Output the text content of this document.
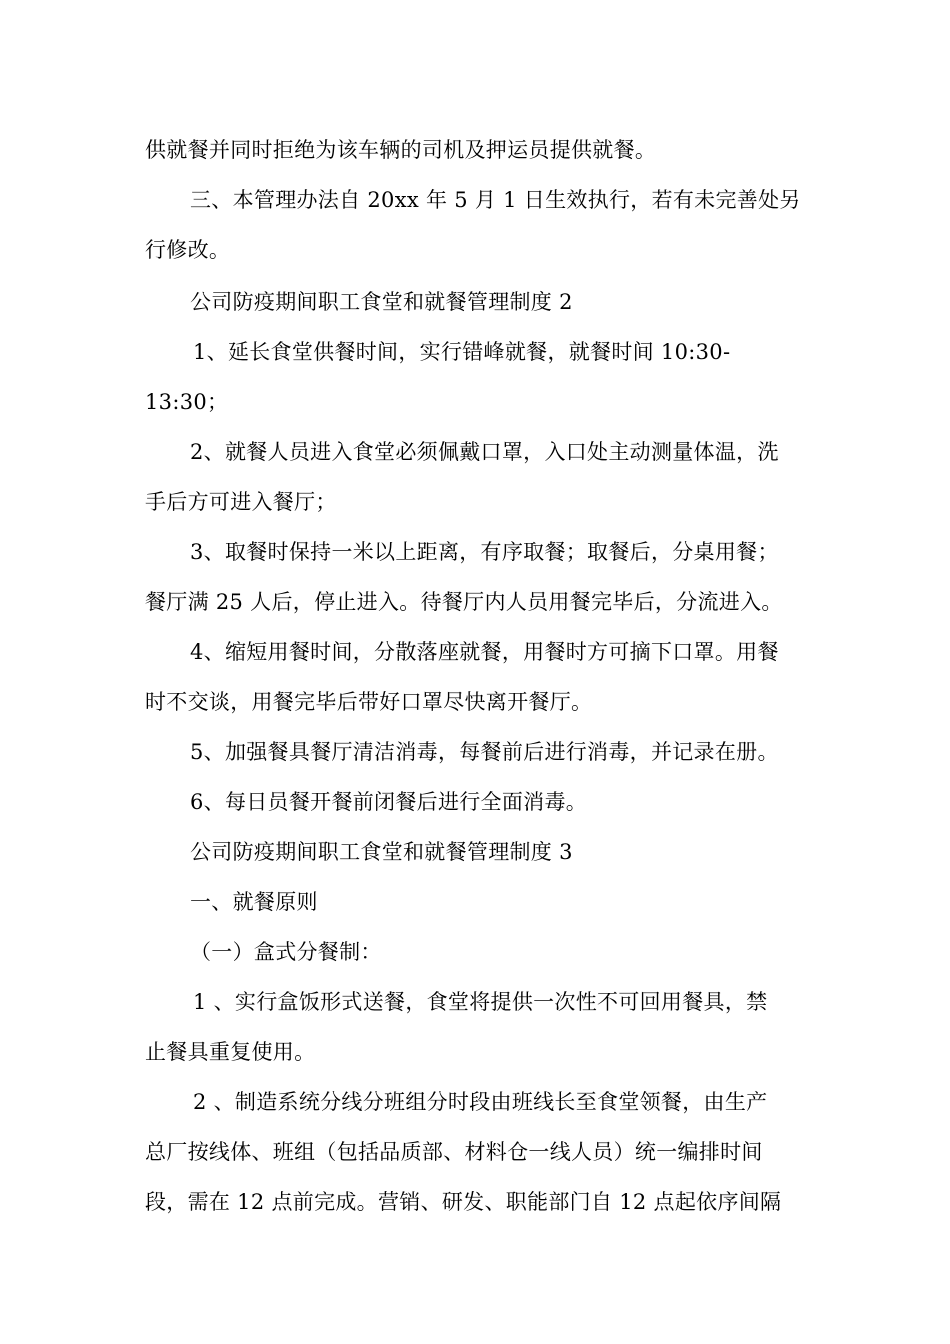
供就餐并同时拒绝为该车辆的司机及押运员提供就餐。
三、本管理办法自 20xx 年 5 月 1 日生效执行，若有未完善处另
行修改。
公司防疫期间职工食堂和就餐管理制度 2
1、延长食堂供餐时间，实行错峰就餐，就餐时间 10:30-
13:30；
2、就餐人员进入食堂必须佩戴口罩，入口处主动测量体温，洗
手后方可进入餐厅；
3、取餐时保持一米以上距离，有序取餐；取餐后，分桌用餐；
餐厅满 25 人后，停止进入。待餐厅内人员用餐完毕后，分流进入。
4、缩短用餐时间，分散落座就餐，用餐时方可摘下口罩。用餐
时不交谈，用餐完毕后带好口罩尽快离开餐厅。
5、加强餐具餐厅清洁消毒，每餐前后进行消毒，并记录在册。
6、每日员餐开餐前闭餐后进行全面消毒。
公司防疫期间职工食堂和就餐管理制度 3
一、就餐原则
（一）盒式分餐制：
1 、实行盒饭形式送餐，食堂将提供一次性不可回用餐具，禁
止餐具重复使用。
2 、制造系统分线分班组分时段由班线长至食堂领餐，由生产
总厂按线体、班组（包括品质部、材料仓一线人员）统一编排时间
段，需在 12 点前完成。营销、研发、职能部门自 12 点起依序间隔
